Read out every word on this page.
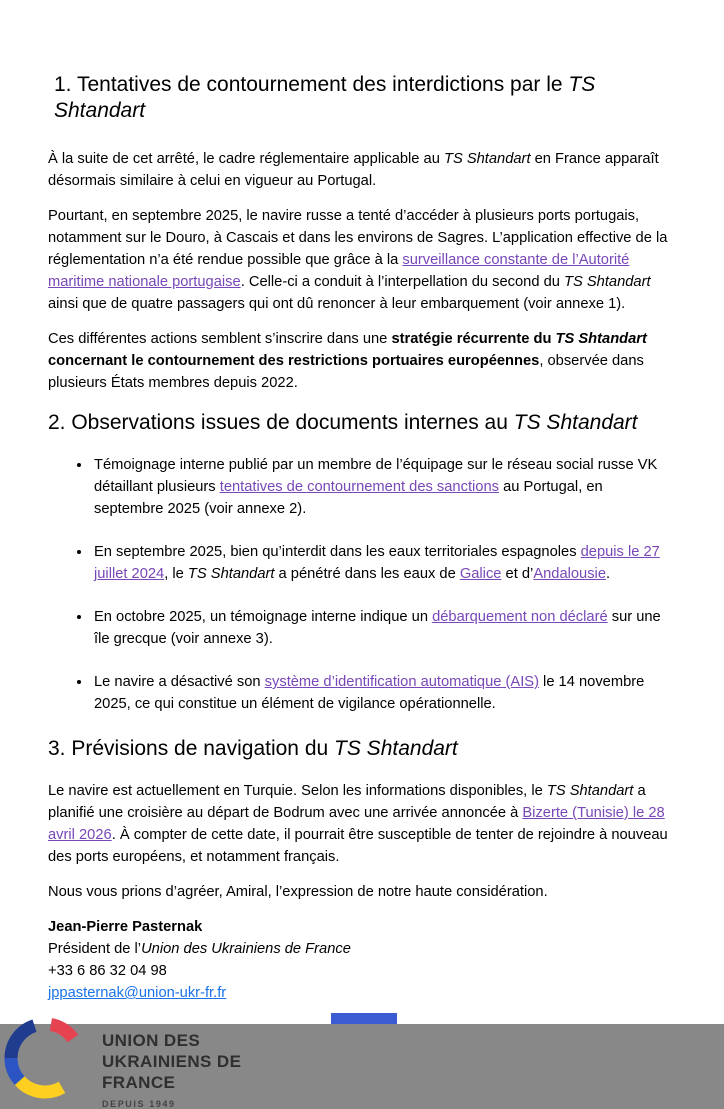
1. Tentatives de contournement des interdictions par le TS Shtandart

À la suite de cet arrêté, le cadre réglementaire applicable au TS Shtandart en France apparaît désormais similaire à celui en vigueur au Portugal.

Pourtant, en septembre 2025, le navire russe a tenté d’accéder à plusieurs ports portugais, notamment sur le Douro, à Cascais et dans les environs de Sagres. L’application effective de la réglementation n’a été rendue possible que grâce à la surveillance constante de l’Autorité maritime nationale portugaise. Celle-ci a conduit à l’interpellation du second du TS Shtandart ainsi que de quatre passagers qui ont dû renoncer à leur embarquement (voir annexe 1).

Ces différentes actions semblent s’inscrire dans une stratégie récurrente du TS Shtandart concernant le contournement des restrictions portuaires européennes, observée dans plusieurs États membres depuis 2022.

2. Observations issues de documents internes au TS Shtandart
• Témoignage interne publié par un membre de l’équipage sur le réseau social russe VK détaillant plusieurs tentatives de contournement des sanctions au Portugal, en septembre 2025 (voir annexe 2).
• En septembre 2025, bien qu’interdit dans les eaux territoriales espagnoles depuis le 27 juillet 2024, le TS Shtandart a pénétré dans les eaux de Galice et d’Andalousie.
• En octobre 2025, un témoignage interne indique un débarquement non déclaré sur une île grecque (voir annexe 3).
• Le navire a désactivé son système d’identification automatique (AIS) le 14 novembre 2025, ce qui constitue un élément de vigilance opérationnelle.
3. Prévisions de navigation du TS Shtandart

Le navire est actuellement en Turquie. Selon les informations disponibles, le TS Shtandart a planifié une croisière au départ de Bodrum avec une arrivée annoncée à Bizerte (Tunisie) le 28 avril 2026. À compter de cette date, il pourrait être susceptible de tenter de rejoindre à nouveau des ports européens, et notamment français.

Nous vous prions d’agréer, Amiral, l’expression de notre haute considération.

Jean-Pierre Pasternak

Président de l’Union des Ukrainiens de France

+33 6 86 32 04 98

jppasternak@union-ukr-fr.fr

UNION DES
UKRAINIENS DE
FRANCE
DEPUIS 1949
